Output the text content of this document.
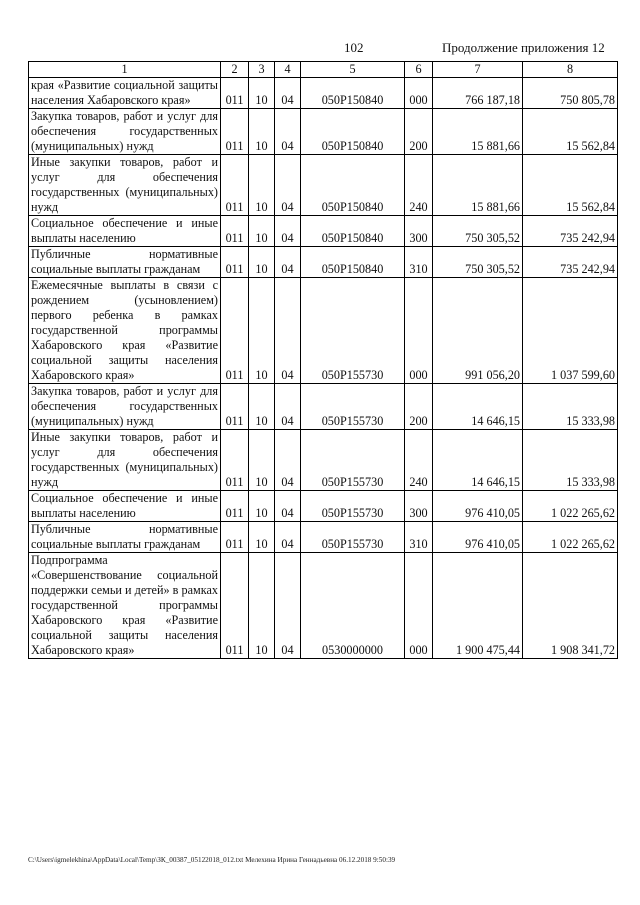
102	Продолжение приложения 12
1	2	3	4	5	6	7	8
края «Развитие социальной защиты населения Хабаровского края»	011	10	04	050Р150840	000	766 187,18	750 805,78
Закупка товаров, работ и услуг для обеспечения государственных (муниципальных) нужд	011	10	04	050Р150840	200	15 881,66	15 562,84
Иные закупки товаров, работ и услуг для обеспечения государственных (муниципальных) нужд	011	10	04	050Р150840	240	15 881,66	15 562,84
Социальное обеспечение и иные выплаты населению	011	10	04	050Р150840	300	750 305,52	735 242,94
Публичные нормативные социальные выплаты гражданам	011	10	04	050Р150840	310	750 305,52	735 242,94
Ежемесячные выплаты в связи с рождением (усыновлением) первого ребенка в рамках государственной программы Хабаровского края «Развитие социальной защиты населения Хабаровского края»	011	10	04	050Р155730	000	991 056,20	1 037 599,60
Закупка товаров, работ и услуг для обеспечения государственных (муниципальных) нужд	011	10	04	050Р155730	200	14 646,15	15 333,98
Иные закупки товаров, работ и услуг для обеспечения государственных (муниципальных) нужд	011	10	04	050Р155730	240	14 646,15	15 333,98
Социальное обеспечение и иные выплаты населению	011	10	04	050Р155730	300	976 410,05	1 022 265,62
Публичные нормативные социальные выплаты гражданам	011	10	04	050Р155730	310	976 410,05	1 022 265,62
Подпрограмма «Совершенствование социальной поддержки семьи и детей» в рамках государственной программы Хабаровского края «Развитие социальной защиты населения Хабаровского края»	011	10	04	0530000000	000	1 900 475,44	1 908 341,72
C:\Users\igmelekhina\AppData\Local\Temp\ЗК_00387_05122018_012.txt Мелехина Ирина Геннадьевна 06.12.2018 9:50:39
